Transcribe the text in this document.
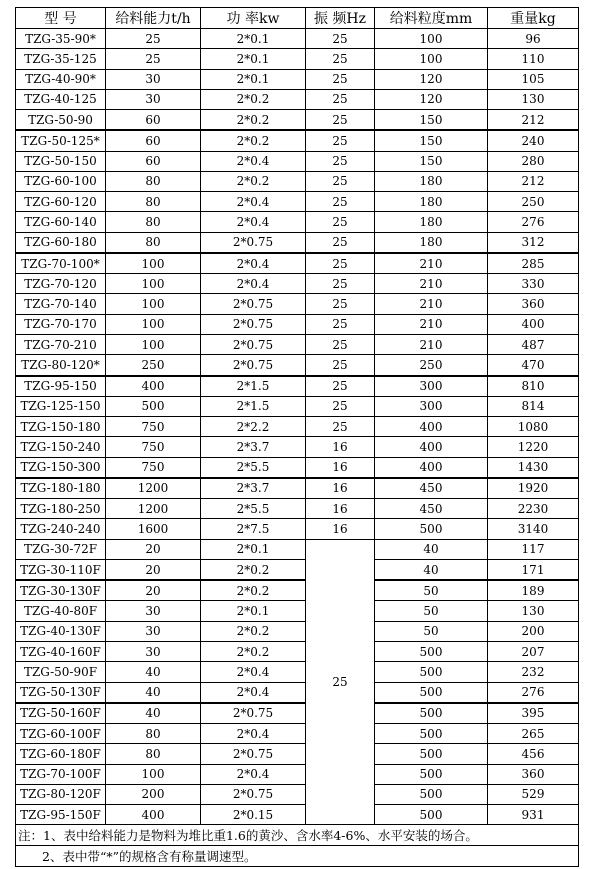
型 号	给料能力t/h	功 率kw	振 频Hz	给料粒度mm	重量kg
TZG-35-90*	25	2*0.1	25	100	96
TZG-35-125	25	2*0.1	25	100	110
TZG-40-90*	30	2*0.1	25	120	105
TZG-40-125	30	2*0.2	25	120	130
TZG-50-90	60	2*0.2	25	150	212
TZG-50-125*	60	2*0.2	25	150	240
TZG-50-150	60	2*0.4	25	150	280
TZG-60-100	80	2*0.2	25	180	212
TZG-60-120	80	2*0.4	25	180	250
TZG-60-140	80	2*0.4	25	180	276
TZG-60-180	80	2*0.75	25	180	312
TZG-70-100*	100	2*0.4	25	210	285
TZG-70-120	100	2*0.4	25	210	330
TZG-70-140	100	2*0.75	25	210	360
TZG-70-170	100	2*0.75	25	210	400
TZG-70-210	100	2*0.75	25	210	487
TZG-80-120*	250	2*0.75	25	250	470
TZG-95-150	400	2*1.5	25	300	810
TZG-125-150	500	2*1.5	25	300	814
TZG-150-180	750	2*2.2	25	400	1080
TZG-150-240	750	2*3.7	16	400	1220
TZG-150-300	750	2*5.5	16	400	1430
TZG-180-180	1200	2*3.7	16	450	1920
TZG-180-250	1200	2*5.5	16	450	2230
TZG-240-240	1600	2*7.5	16	500	3140
TZG-30-72F	20	2*0.1	25	40	117
TZG-30-110F	20	2*0.2		40	171
TZG-30-130F	20	2*0.2		50	189
TZG-40-80F	30	2*0.1		50	130
TZG-40-130F	30	2*0.2		50	200
TZG-40-160F	30	2*0.2		500	207
TZG-50-90F	40	2*0.4		500	232
TZG-50-130F	40	2*0.4		500	276
TZG-50-160F	40	2*0.75		500	395
TZG-60-100F	80	2*0.4		500	265
TZG-60-180F	80	2*0.75		500	456
TZG-70-100F	100	2*0.4		500	360
TZG-80-120F	200	2*0.75		500	529
TZG-95-150F	400	2*0.15		500	931
注：1、表中给料能力是物料为堆比重1.6的黄沙、含水率4-6%、水平安装的场合。					
2、表中带“*”的规格含有称量调速型。					
